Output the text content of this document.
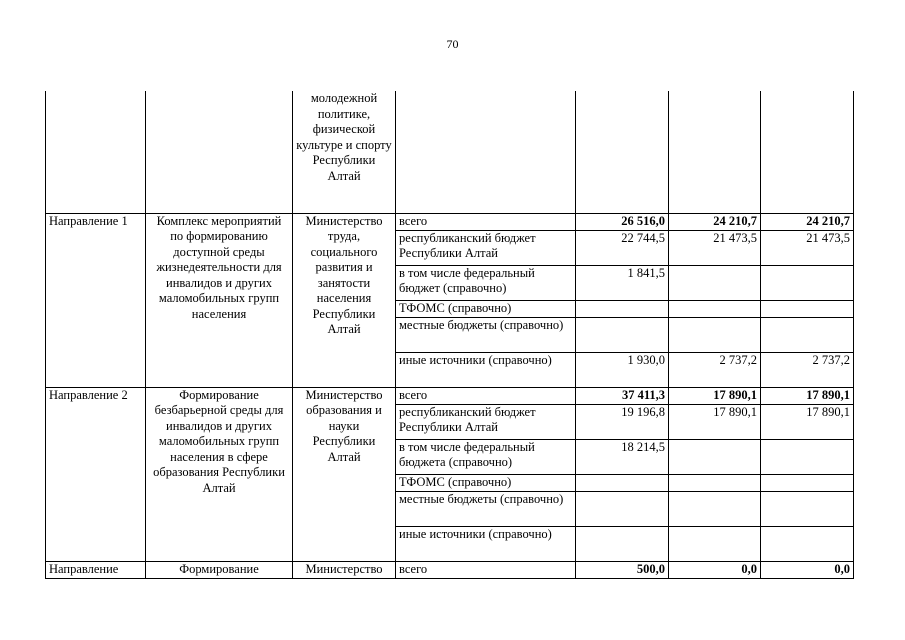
70
		молодежной политике, физической культуре и спорту Республики Алтай				
Направление 1	Комплекс мероприятий по формированию доступной среды жизнедеятельности для инвалидов и других маломобильных групп населения	Министерство труда, социального развития и занятости населения Республики Алтай	всего	26 516,0	24 210,7	24 210,7
			республиканский бюджет Республики Алтай	22 744,5	21 473,5	21 473,5
			в том числе федеральный бюджет (справочно)	1 841,5		
			ТФОМС (справочно)			
			местные бюджеты (справочно)			
			иные источники (справочно)	1 930,0	2 737,2	2 737,2
Направление 2	Формирование безбарьерной среды для инвалидов и других маломобильных групп населения в сфере образования Республики Алтай	Министерство образования и науки Республики Алтай	всего	37 411,3	17 890,1	17 890,1
			республиканский бюджет Республики Алтай	19 196,8	17 890,1	17 890,1
			в том числе федеральный бюджета (справочно)	18 214,5		
			ТФОМС (справочно)			
			местные бюджеты (справочно)			
			иные источники (справочно)			
Направление	Формирование	Министерство	всего	500,0	0,0	0,0
